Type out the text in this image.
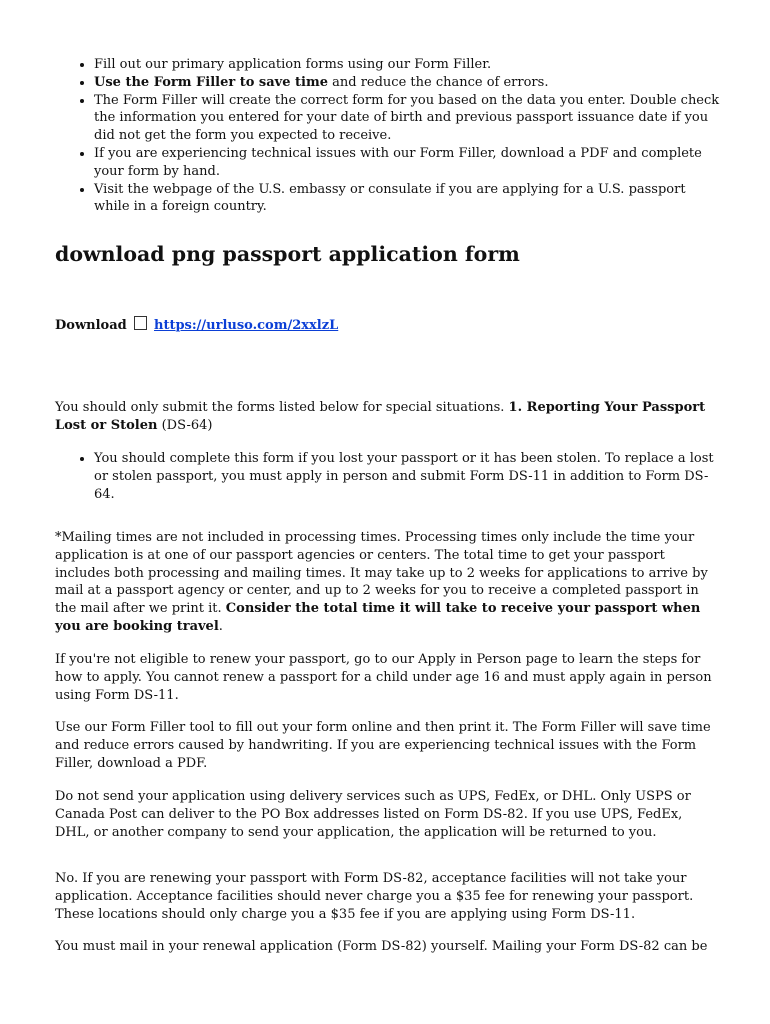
• Fill out our primary application forms using our Form Filler.
• Use the Form Filler to save time and reduce the chance of errors.
• The Form Filler will create the correct form for you based on the data you enter. Double check the information you entered for your date of birth and previous passport issuance date if you did not get the form you expected to receive.
• If you are experiencing technical issues with our Form Filler, download a PDF and complete your form by hand.
• Visit the webpage of the U.S. embassy or consulate if you are applying for a U.S. passport while in a foreign country.
download png passport application form
Download https://urluso.com/2xxlzL
You should only submit the forms listed below for special situations. 1. Reporting Your Passport Lost or Stolen (DS-64)
• You should complete this form if you lost your passport or it has been stolen. To replace a lost or stolen passport, you must apply in person and submit Form DS-11 in addition to Form DS-64.
*Mailing times are not included in processing times. Processing times only include the time your application is at one of our passport agencies or centers. The total time to get your passport includes both processing and mailing times. It may take up to 2 weeks for applications to arrive by mail at a passport agency or center, and up to 2 weeks for you to receive a completed passport in the mail after we print it. Consider the total time it will take to receive your passport when you are booking travel.
If you're not eligible to renew your passport, go to our Apply in Person page to learn the steps for how to apply. You cannot renew a passport for a child under age 16 and must apply again in person using Form DS-11.
Use our Form Filler tool to fill out your form online and then print it. The Form Filler will save time and reduce errors caused by handwriting. If you are experiencing technical issues with the Form Filler, download a PDF.
Do not send your application using delivery services such as UPS, FedEx, or DHL. Only USPS or Canada Post can deliver to the PO Box addresses listed on Form DS-82. If you use UPS, FedEx, DHL, or another company to send your application, the application will be returned to you.
No. If you are renewing your passport with Form DS-82, acceptance facilities will not take your application. Acceptance facilities should never charge you a $35 fee for renewing your passport. These locations should only charge you a $35 fee if you are applying using Form DS-11.
You must mail in your renewal application (Form DS-82) yourself. Mailing your Form DS-82 can be
